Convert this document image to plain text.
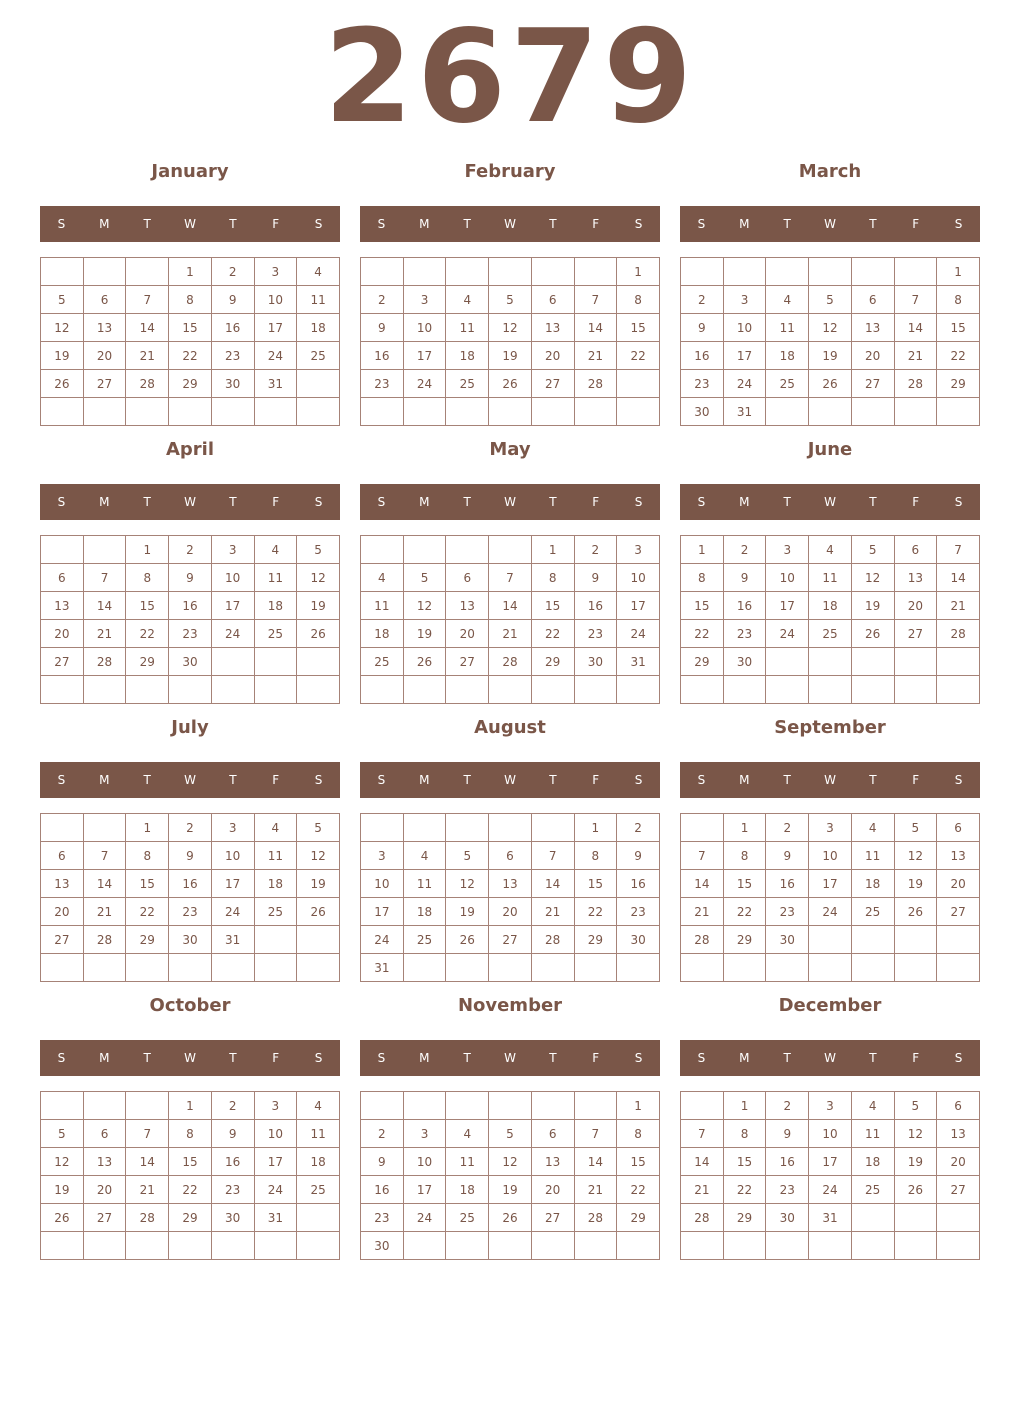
2679
January
S	M	T	W	T	F	S
			1	2	3	4
5	6	7	8	9	10	11
12	13	14	15	16	17	18
19	20	21	22	23	24	25
26	27	28	29	30	31	

February
S	M	T	W	T	F	S
						1
2	3	4	5	6	7	8
9	10	11	12	13	14	15
16	17	18	19	20	21	22
23	24	25	26	27	28	

March
S	M	T	W	T	F	S
						1
2	3	4	5	6	7	8
9	10	11	12	13	14	15
16	17	18	19	20	21	22
23	24	25	26	27	28	29
30	31					
April
S	M	T	W	T	F	S
		1	2	3	4	5
6	7	8	9	10	11	12
13	14	15	16	17	18	19
20	21	22	23	24	25	26
27	28	29	30			

May
S	M	T	W	T	F	S
				1	2	3
4	5	6	7	8	9	10
11	12	13	14	15	16	17
18	19	20	21	22	23	24
25	26	27	28	29	30	31

June
S	M	T	W	T	F	S
1	2	3	4	5	6	7
8	9	10	11	12	13	14
15	16	17	18	19	20	21
22	23	24	25	26	27	28
29	30					

July
S	M	T	W	T	F	S
		1	2	3	4	5
6	7	8	9	10	11	12
13	14	15	16	17	18	19
20	21	22	23	24	25	26
27	28	29	30	31		

August
S	M	T	W	T	F	S
					1	2
3	4	5	6	7	8	9
10	11	12	13	14	15	16
17	18	19	20	21	22	23
24	25	26	27	28	29	30
31						
September
S	M	T	W	T	F	S
	1	2	3	4	5	6
7	8	9	10	11	12	13
14	15	16	17	18	19	20
21	22	23	24	25	26	27
28	29	30				

October
S	M	T	W	T	F	S
			1	2	3	4
5	6	7	8	9	10	11
12	13	14	15	16	17	18
19	20	21	22	23	24	25
26	27	28	29	30	31	

November
S	M	T	W	T	F	S
						1
2	3	4	5	6	7	8
9	10	11	12	13	14	15
16	17	18	19	20	21	22
23	24	25	26	27	28	29
30						
December
S	M	T	W	T	F	S
	1	2	3	4	5	6
7	8	9	10	11	12	13
14	15	16	17	18	19	20
21	22	23	24	25	26	27
28	29	30	31			
